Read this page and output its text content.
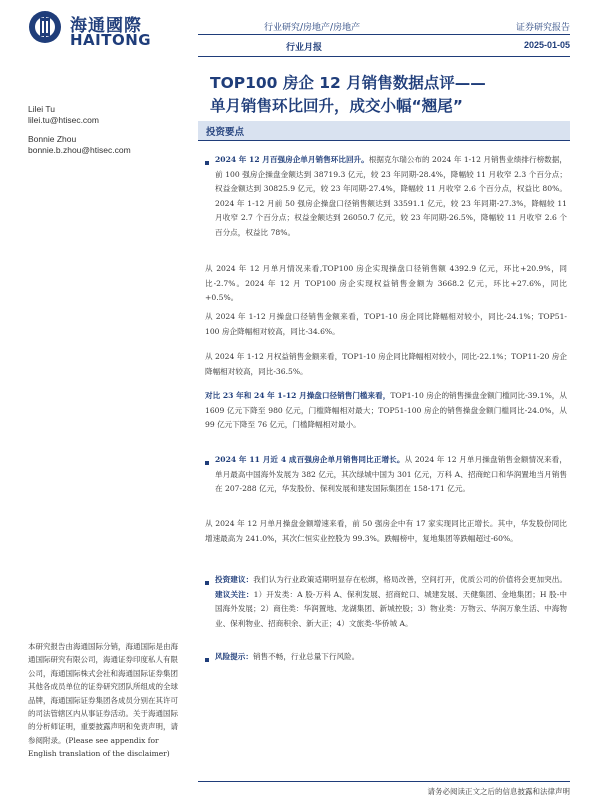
海通國際
HAITONG
行业研究/房地产/房地产
行业月报
证券研究报告
2025-01-05
TOP100 房企 12 月销售数据点评——
单月销售环比回升，成交小幅“翘尾”
Lilei Tu
lilei.tu@htisec.com
Bonnie Zhou
bonnie.b.zhou@htisec.com
投资要点
2024 年 12 月百强房企单月销售环比回升。根据克尔瑞公布的 2024 年 1-12 月销售业绩排行榜数据，前 100 强房企操盘金额达到 38719.3 亿元，较 23 年同期-28.4%，降幅较 11 月收窄 2.3 个百分点；权益金额达到 30825.9 亿元，较 23 年同期-27.4%，降幅较 11 月收窄 2.6 个百分点，权益比 80%。2024 年 1-12 月前 50 强房企操盘口径销售额达到 33591.1 亿元，较 23 年同期-27.3%，降幅较 11 月收窄 2.7 个百分点；权益金额达到 26050.7 亿元，较 23 年同期-26.5%，降幅较 11 月收窄 2.6 个百分点，权益比 78%。
从 2024 年 12 月单月情况来看,TOP100 房企实现操盘口径销售额 4392.9 亿元，环比+20.9%，同比-2.7%。2024 年 12 月 TOP100 房企实现权益销售金额为 3668.2 亿元，环比+27.6%，同比+0.5%。
从 2024 年 1-12 月操盘口径销售金额来看，TOP1-10 房企同比降幅相对较小，同比-24.1%；TOP51-100 房企降幅相对较高，同比-34.6%。
从 2024 年 1-12 月权益销售金额来看，TOP1-10 房企同比降幅相对较小，同比-22.1%；TOP11-20 房企降幅相对较高，同比-36.5%。
对比 23 年和 24 年 1-12 月操盘口径销售门槛来看，TOP1-10 房企的销售操盘金额门槛同比-39.1%，从 1609 亿元下降至 980 亿元，门槛降幅相对最大；TOP51-100 房企的销售操盘金额门槛同比-24.0%，从 99 亿元下降至 76 亿元，门槛降幅相对最小。
2024 年 11 月近 4 成百强房企单月销售同比正增长。从 2024 年 12 月单月操盘销售金额情况来看，单月最高中国海外发展为 382 亿元，其次绿城中国为 301 亿元，万科 A、招商蛇口和华润置地当月销售在 207-288 亿元，华发股份、保利发展和建发国际集团在 158-171 亿元。
从 2024 年 12 月单月操盘金额增速来看，前 50 强房企中有 17 家实现同比正增长。其中，华发股份同比增速最高为 241.0%，其次仁恒实业控股为 99.3%。跌幅榜中，复地集团等跌幅超过-60%。
投资建议：我们认为行业政策适期明显存在松绑，格局改善，空间打开，优质公司的价值将会更加突出。建议关注：1）开发类：A 股-万科 A、保利发展、招商蛇口、城建发展、天健集团、金地集团；H 股-中国海外发展；2）商住类：华润置地、龙湖集团、新城控股；3）物业类：万物云、华润万象生活、中海物业、保利物业、招商积余、新大正；4）文旅类-华侨城 A。
风险提示：销售不畅，行业总量下行风险。
本研究报告由海通国际分销，海通国际是由海通国际研究有限公司，海通证券印度私人有限公司，海通国际株式会社和海通国际证券集团其他各成员单位的证券研究团队所组成的全球品牌，海通国际证券集团各成员分别在其许可的司法管辖区内从事证券活动。关于海通国际的分析师证明，重要披露声明和免责声明，请参阅附录。(Please see appendix for English translation of the disclaimer)
请务必阅读正文之后的信息披露和法律声明
